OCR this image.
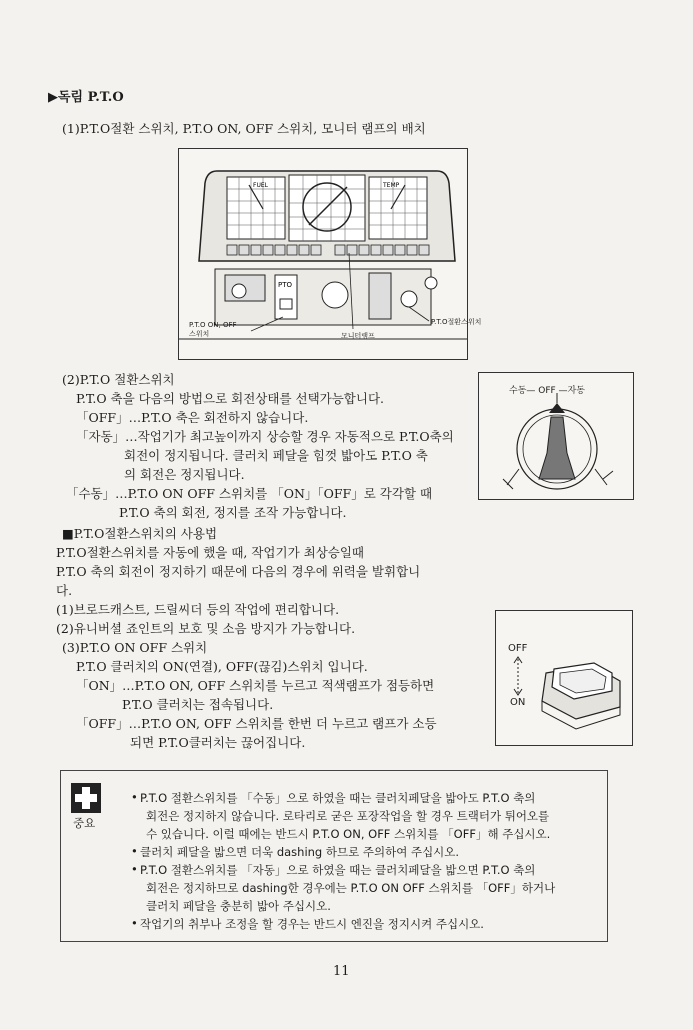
▶독림 P.T.O
(1)P.T.O절환 스위치, P.T.O ON, OFF 스위치, 모니터 램프의 배치
FUEL	TEMP
PTO
P.T.O ON, OFF
스위치	모니터램프
P.T.O절환스위치
(2)P.T.O 절환스위치
P.T.O 축을 다음의 방법으로 회전상태를 선택가능합니다.
「OFF」…P.T.O 축은 회전하지 않습니다.
「자동」…작업기가 최고높이까지 상승할 경우 자동적으로 P.T.O축의
회전이 정지됩니다. 클러치 페달을 힘껏 밟아도 P.T.O 축
의 회전은 정지됩니다.
「수동」…P.T.O ON OFF 스위치를 「ON」「OFF」로 각각할 때
P.T.O 축의 회전, 정지를 조작 가능합니다.
수동— OFF —자동
■P.T.O절환스위치의 사용법
P.T.O절환스위치를 자동에 했을 때, 작업기가 최상승일때
P.T.O 축의 회전이 정지하기 때문에 다음의 경우에 위력을 발휘합니
다.
(1)브로드캐스트, 드릴씨더 등의 작업에 편리합니다.
(2)유니버셜 죠인트의 보호 및 소음 방지가 가능합니다.
(3)P.T.O ON OFF 스위치
P.T.O 클러치의 ON(연결), OFF(끊김)스위치 입니다.
「ON」…P.T.O ON, OFF 스위치를 누르고 적색램프가 점등하면
P.T.O 클러치는 접속됩니다.
「OFF」…P.T.O ON, OFF 스위치를 한번 더 누르고 램프가 소등
되면 P.T.O클러치는 끊어집니다.
OFF
ON
중요
• P.T.O 절환스위치를 「수동」으로 하였을 때는 클러치페달을 밟아도 P.T.O 축의
회전은 정지하지 않습니다. 로타리로 굳은 포장작업을 할 경우 트랙터가 튀어오를
수 있습니다. 이럴 때에는 반드시 P.T.O ON, OFF 스위치를 「OFF」해 주십시오.
• 클러치 페달을 밟으면 더욱 dashing 하므로 주의하여 주십시오.
• P.T.O 절환스위치를 「자동」으로 하였을 때는 클러치페달을 밟으면 P.T.O 축의
회전은 정지하므로 dashing한 경우에는 P.T.O ON OFF 스위치를 「OFF」하거나
클러치 페달을 충분히 밟아 주십시오.
• 작업기의 취부나 조정을 할 경우는 반드시 엔진을 정지시켜 주십시오.
11
